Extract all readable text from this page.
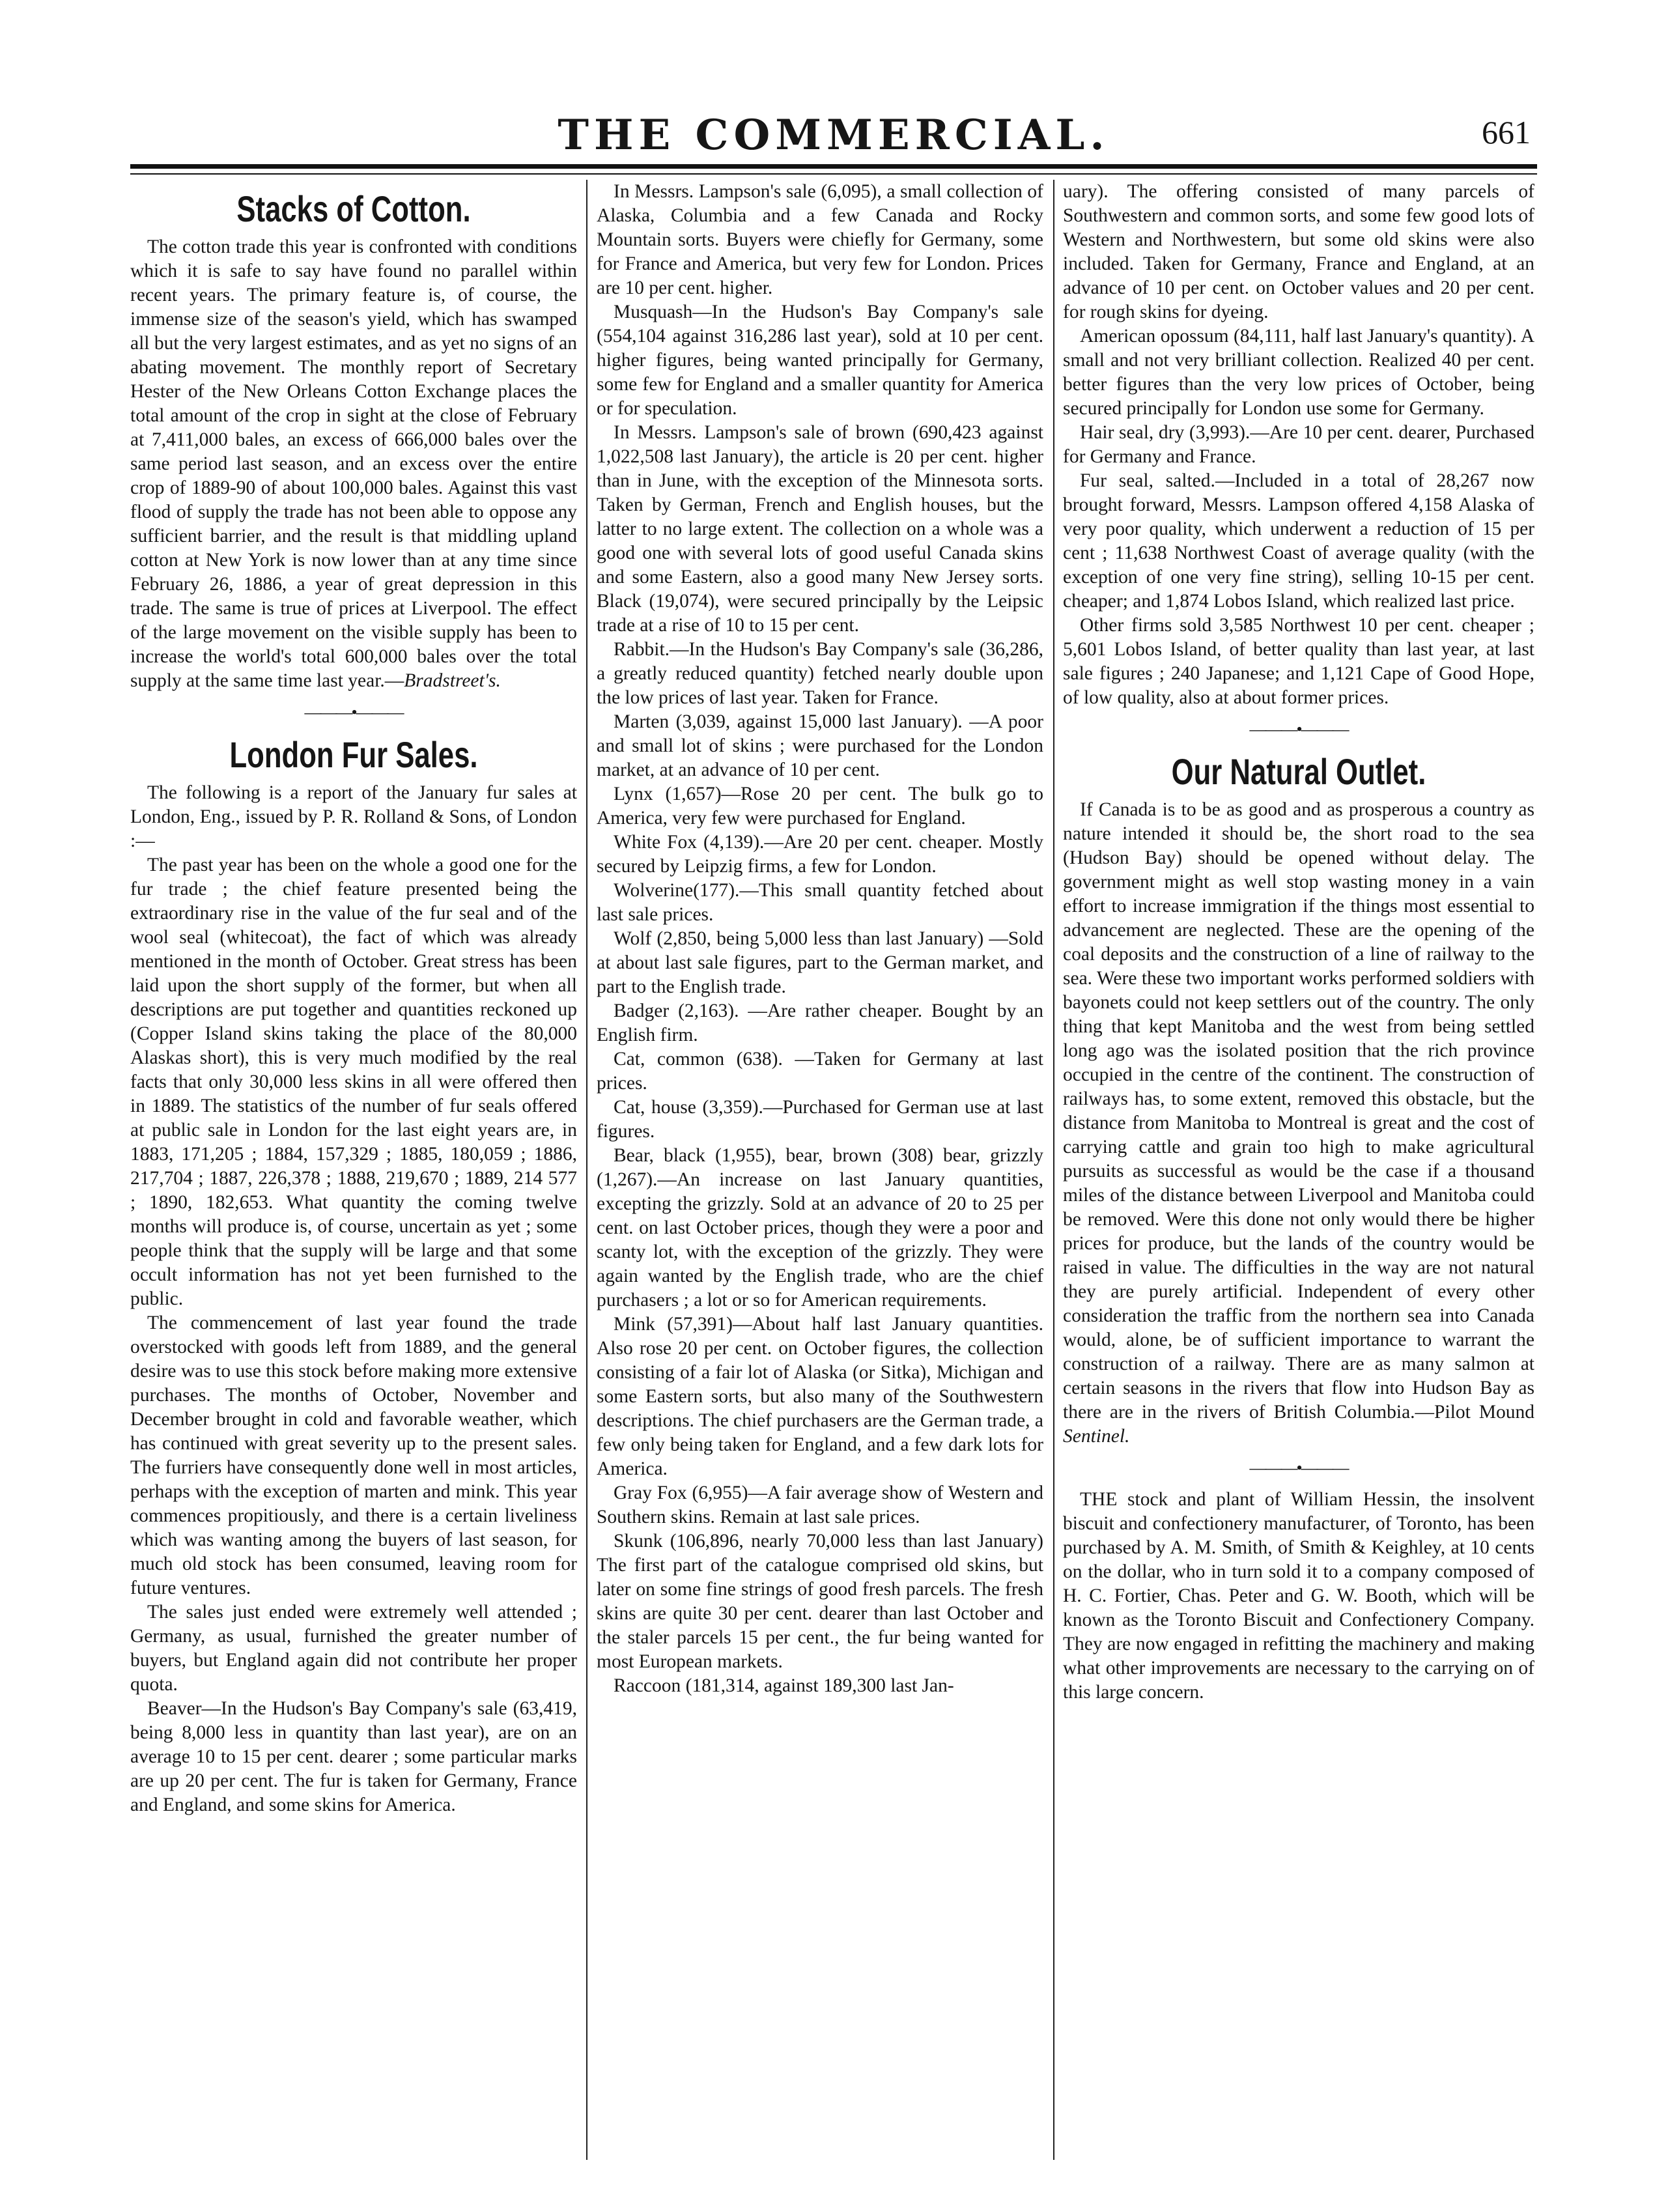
THE COMMERCIAL.	661
Stacks of Cotton.

The cotton trade this year is confronted with conditions which it is safe to say have found no parallel within recent years. The primary feature is, of course, the immense size of the season's yield, which has swamped all but the very largest estimates, and as yet no signs of an abating movement. The monthly report of Secretary Hester of the New Orleans Cotton Exchange places the total amount of the crop in sight at the close of February at 7,411,000 bales, an excess of 666,000 bales over the same period last season, and an excess over the entire crop of 1889-90 of about 100,000 bales. Against this vast flood of supply the trade has not been able to oppose any sufficient barrier, and the result is that middling upland cotton at New York is now lower than at any time since February 26, 1886, a year of great depression in this trade. The same is true of prices at Liverpool. The effect of the large movement on the visible supply has been to increase the world's total 600,000 bales over the total supply at the same time last year.—Bradstreet's.

———•———
London Fur Sales.

The following is a report of the January fur sales at London, Eng., issued by P. R. Rolland & Sons, of London :—

The past year has been on the whole a good one for the fur trade ; the chief feature presented being the extraordinary rise in the value of the fur seal and of the wool seal (whitecoat), the fact of which was already mentioned in the month of October. Great stress has been laid upon the short supply of the former, but when all descriptions are put together and quantities reckoned up (Copper Island skins taking the place of the 80,000 Alaskas short), this is very much modified by the real facts that only 30,000 less skins in all were offered then in 1889. The statistics of the number of fur seals offered at public sale in London for the last eight years are, in 1883, 171,205 ; 1884, 157,329 ; 1885, 180,059 ; 1886, 217,704 ; 1887, 226,378 ; 1888, 219,670 ; 1889, 214 577 ; 1890, 182,653. What quantity the coming twelve months will produce is, of course, uncertain as yet ; some people think that the supply will be large and that some occult information has not yet been furnished to the public.

The commencement of last year found the trade overstocked with goods left from 1889, and the general desire was to use this stock before making more extensive purchases. The months of October, November and December brought in cold and favorable weather, which has continued with great severity up to the present sales. The furriers have consequently done well in most articles, perhaps with the exception of marten and mink. This year commences propitiously, and there is a certain liveliness which was wanting among the buyers of last season, for much old stock has been consumed, leaving room for future ventures.

The sales just ended were extremely well attended ; Germany, as usual, furnished the greater number of buyers, but England again did not contribute her proper quota.

Beaver—In the Hudson's Bay Company's sale (63,419, being 8,000 less in quantity than last year), are on an average 10 to 15 per cent. dearer ; some particular marks are up 20 per cent. The fur is taken for Germany, France and England, and some skins for America.

In Messrs. Lampson's sale (6,095), a small collection of Alaska, Columbia and a few Canada and Rocky Mountain sorts. Buyers were chiefly for Germany, some for France and America, but very few for London. Prices are 10 per cent. higher.

Musquash—In the Hudson's Bay Company's sale (554,104 against 316,286 last year), sold at 10 per cent. higher figures, being wanted principally for Germany, some few for England and a smaller quantity for America or for speculation.

In Messrs. Lampson's sale of brown (690,423 against 1,022,508 last January), the article is 20 per cent. higher than in June, with the exception of the Minnesota sorts. Taken by German, French and English houses, but the latter to no large extent. The collection on a whole was a good one with several lots of good useful Canada skins and some Eastern, also a good many New Jersey sorts. Black (19,074), were secured principally by the Leipsic trade at a rise of 10 to 15 per cent.

Rabbit.—In the Hudson's Bay Company's sale (36,286, a greatly reduced quantity) fetched nearly double upon the low prices of last year. Taken for France.

Marten (3,039, against 15,000 last January). —A poor and small lot of skins ; were purchased for the London market, at an advance of 10 per cent.

Lynx (1,657)—Rose 20 per cent. The bulk go to America, very few were purchased for England.

White Fox (4,139).—Are 20 per cent. cheaper. Mostly secured by Leipzig firms, a few for London.

Wolverine(177).—This small quantity fetched about last sale prices.

Wolf (2,850, being 5,000 less than last January) —Sold at about last sale figures, part to the German market, and part to the English trade.

Badger (2,163). —Are rather cheaper. Bought by an English firm.

Cat, common (638). —Taken for Germany at last prices.

Cat, house (3,359).—Purchased for German use at last figures.

Bear, black (1,955), bear, brown (308) bear, grizzly (1,267).—An increase on last January quantities, excepting the grizzly. Sold at an advance of 20 to 25 per cent. on last October prices, though they were a poor and scanty lot, with the exception of the grizzly. They were again wanted by the English trade, who are the chief purchasers ; a lot or so for American requirements.

Mink (57,391)—About half last January quantities. Also rose 20 per cent. on October figures, the collection consisting of a fair lot of Alaska (or Sitka), Michigan and some Eastern sorts, but also many of the Southwestern descriptions. The chief purchasers are the German trade, a few only being taken for England, and a few dark lots for America.

Gray Fox (6,955)—A fair average show of Western and Southern skins. Remain at last sale prices.

Skunk (106,896, nearly 70,000 less than last January) The first part of the catalogue comprised old skins, but later on some fine strings of good fresh parcels. The fresh skins are quite 30 per cent. dearer than last October and the staler parcels 15 per cent., the fur being wanted for most European markets.

Raccoon (181,314, against 189,300 last Jan-

uary). The offering consisted of many parcels of Southwestern and common sorts, and some few good lots of Western and Northwestern, but some old skins were also included. Taken for Germany, France and England, at an advance of 10 per cent. on October values and 20 per cent. for rough skins for dyeing.

American opossum (84,111, half last January's quantity). A small and not very brilliant collection. Realized 40 per cent. better figures than the very low prices of October, being secured principally for London use some for Germany.

Hair seal, dry (3,993).—Are 10 per cent. dearer, Purchased for Germany and France.

Fur seal, salted.—Included in a total of 28,267 now brought forward, Messrs. Lampson offered 4,158 Alaska of very poor quality, which underwent a reduction of 15 per cent ; 11,638 Northwest Coast of average quality (with the exception of one very fine string), selling 10-15 per cent. cheaper; and 1,874 Lobos Island, which realized last price.

Other firms sold 3,585 Northwest 10 per cent. cheaper ; 5,601 Lobos Island, of better quality than last year, at last sale figures ; 240 Japanese; and 1,121 Cape of Good Hope, of low quality, also at about former prices.

———•———
Our Natural Outlet.

If Canada is to be as good and as prosperous a country as nature intended it should be, the short road to the sea (Hudson Bay) should be opened without delay. The government might as well stop wasting money in a vain effort to increase immigration if the things most essential to advancement are neglected. These are the opening of the coal deposits and the construction of a line of railway to the sea. Were these two important works performed soldiers with bayonets could not keep settlers out of the country. The only thing that kept Manitoba and the west from being settled long ago was the isolated position that the rich province occupied in the centre of the continent. The construction of railways has, to some extent, removed this obstacle, but the distance from Manitoba to Montreal is great and the cost of carrying cattle and grain too high to make agricultural pursuits as successful as would be the case if a thousand miles of the distance between Liverpool and Manitoba could be removed. Were this done not only would there be higher prices for produce, but the lands of the country would be raised in value. The difficulties in the way are not natural they are purely artificial. Independent of every other consideration the traffic from the northern sea into Canada would, alone, be of sufficient importance to warrant the construction of a railway. There are as many salmon at certain seasons in the rivers that flow into Hudson Bay as there are in the rivers of British Columbia.—Pilot Mound Sentinel.

———•———

THE stock and plant of William Hessin, the insolvent biscuit and confectionery manufacturer, of Toronto, has been purchased by A. M. Smith, of Smith & Keighley, at 10 cents on the dollar, who in turn sold it to a company composed of H. C. Fortier, Chas. Peter and G. W. Booth, which will be known as the Toronto Biscuit and Confectionery Company. They are now engaged in refitting the machinery and making what other improvements are necessary to the carrying on of this large concern.
